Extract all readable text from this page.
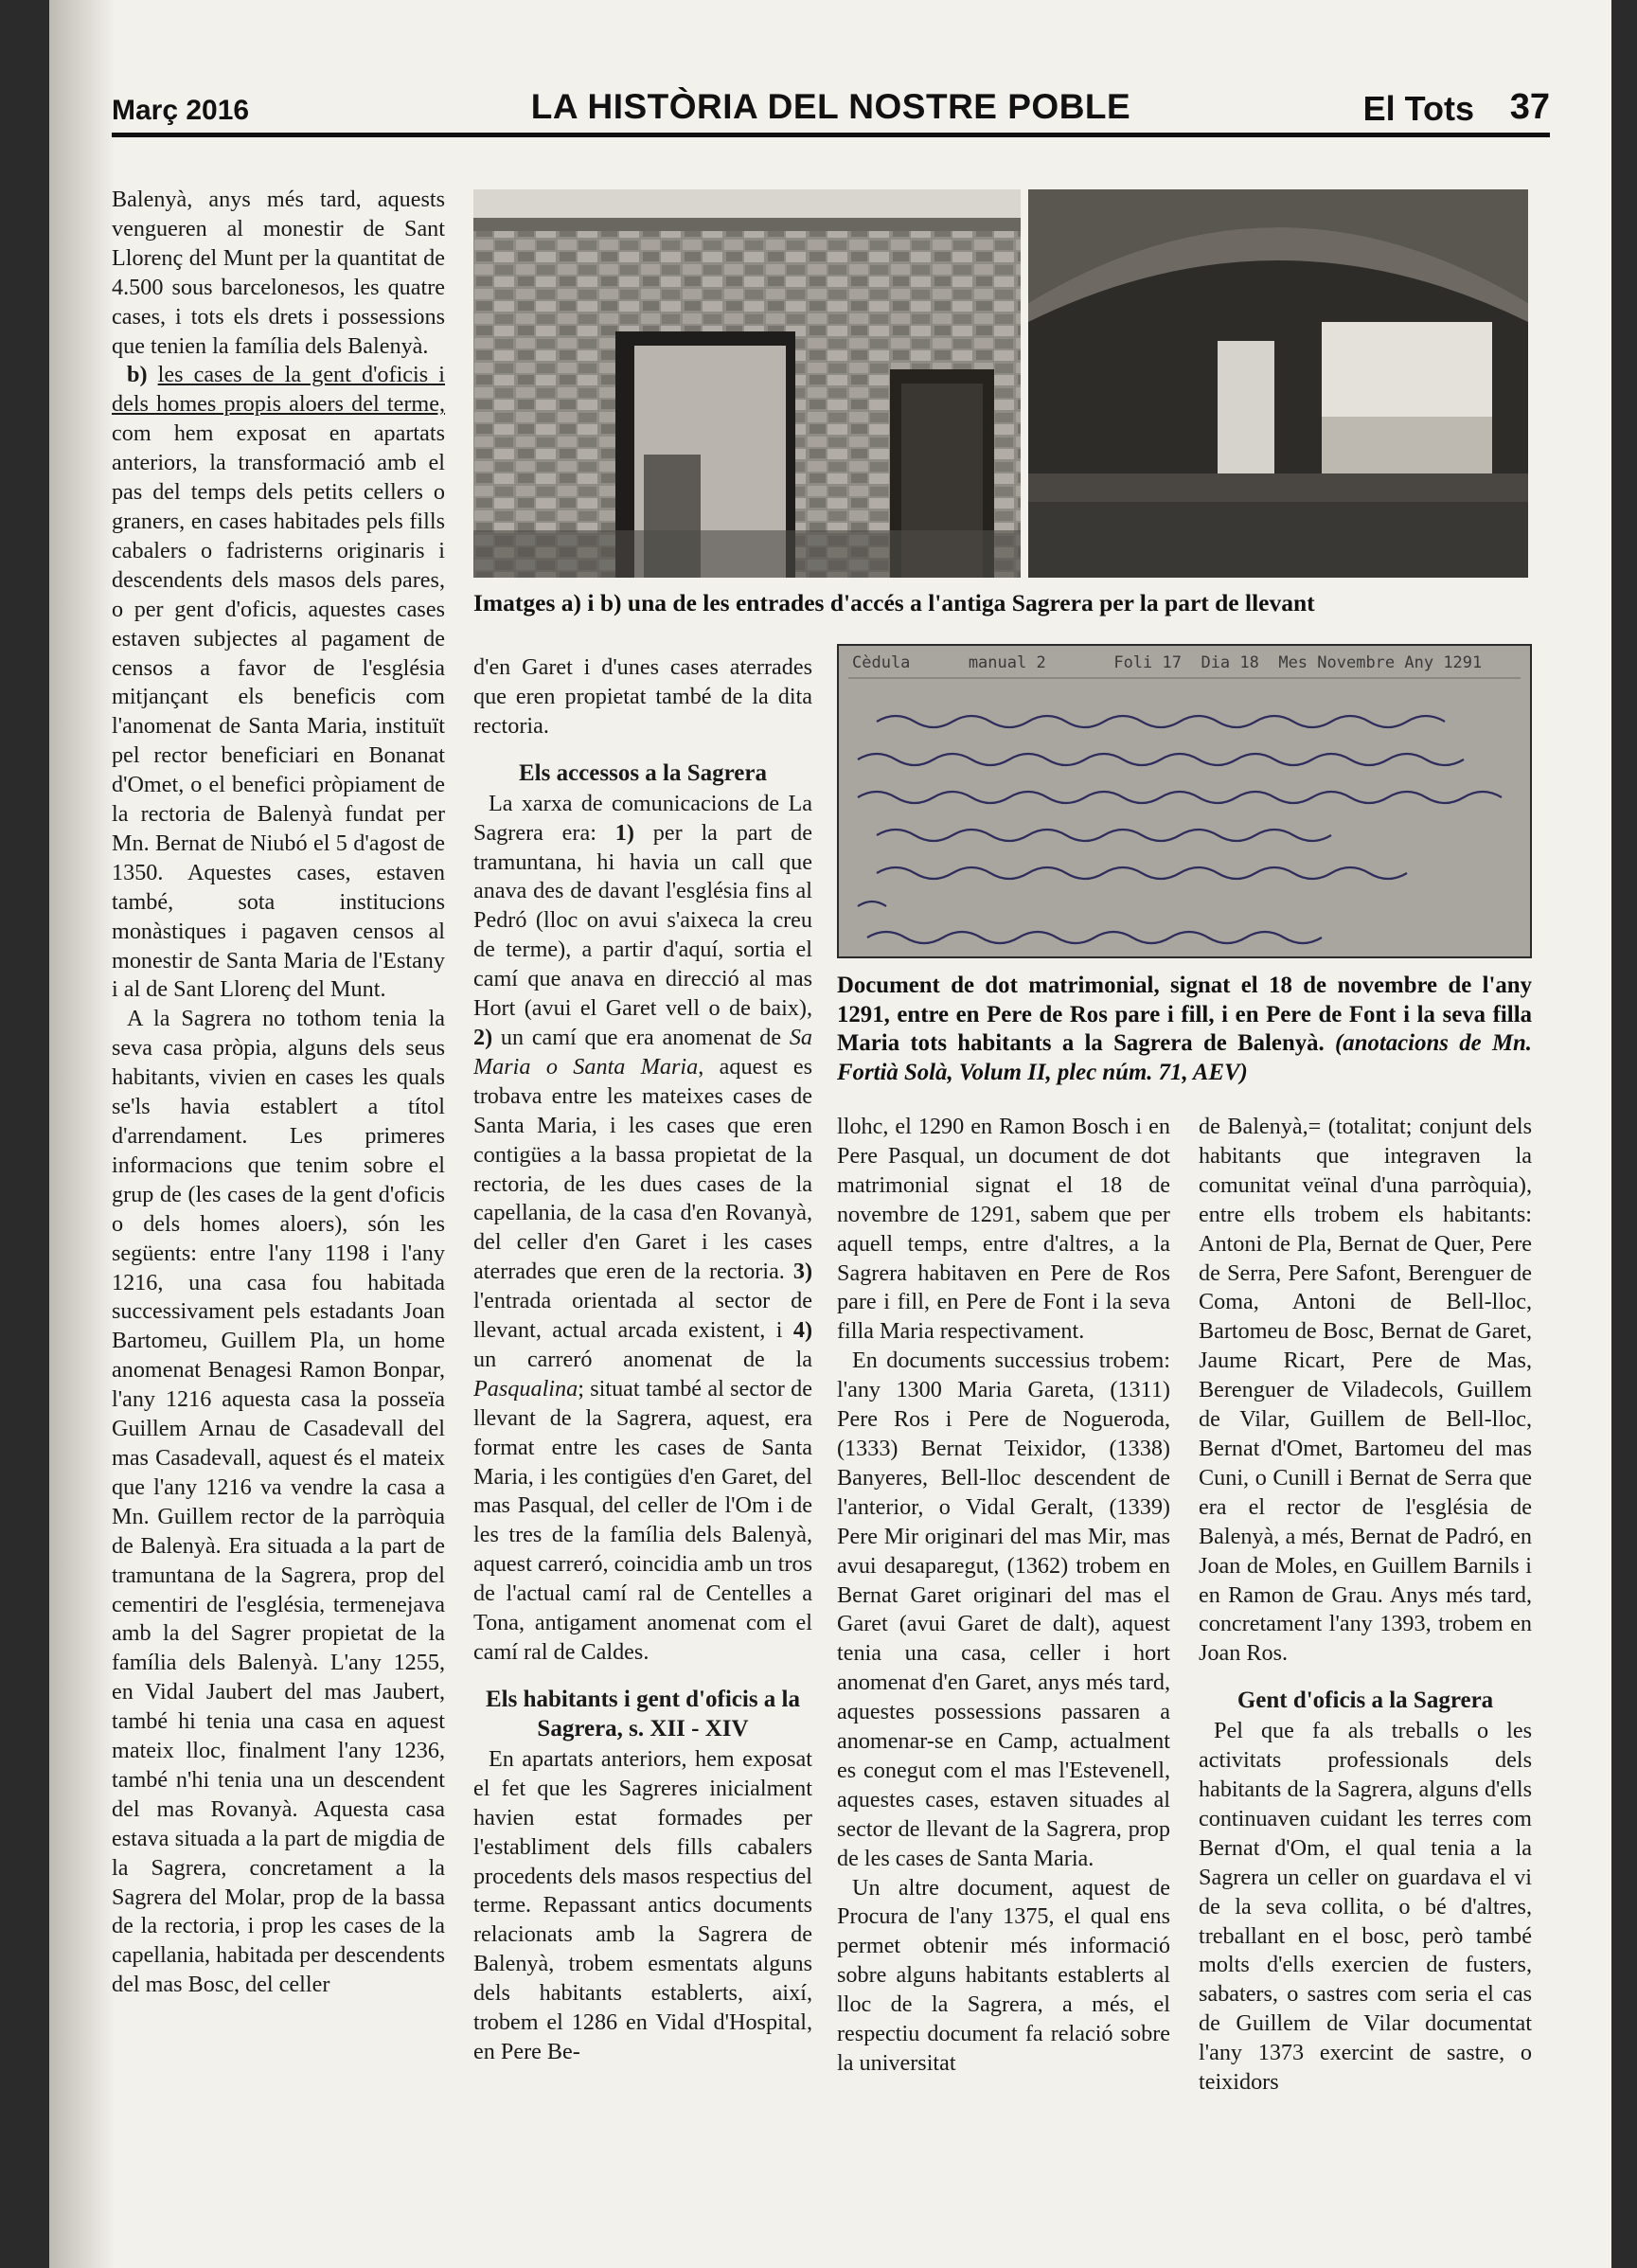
Març 2016	LA HISTÒRIA DEL NOSTRE POBLE	El Tots 37

Balenyà, anys més tard, aquests vengueren al monestir de Sant Llorenç del Munt per la quantitat de 4.500 sous barcelonesos, les quatre cases, i tots els drets i possessions que tenien la família dels Balenyà.

b) les cases de la gent d'oficis i dels homes propis aloers del terme, com hem exposat en apartats anteriors, la transformació amb el pas del temps dels petits cellers o graners, en cases habitades pels fills cabalers o fadristerns originaris i descendents dels masos dels pares, o per gent d'oficis, aquestes cases estaven subjectes al pagament de censos a favor de l'església mitjançant els beneficis com l'anomenat de Santa Maria, instituït pel rector beneficiari en Bonanat d'Omet, o el benefici pròpiament de la rectoria de Balenyà fundat per Mn. Bernat de Niubó el 5 d'agost de 1350. Aquestes cases, estaven també, sota institucions monàstiques i pagaven censos al monestir de Santa Maria de l'Estany i al de Sant Llorenç del Munt.

A la Sagrera no tothom tenia la seva casa pròpia, alguns dels seus habitants, vivien en cases les quals se'ls havia establert a títol d'arrendament. Les primeres informacions que tenim sobre el grup de (les cases de la gent d'oficis o dels homes aloers), són les següents: entre l'any 1198 i l'any 1216, una casa fou habitada successivament pels estadants Joan Bartomeu, Guillem Pla, un home anomenat Benagesi Ramon Bonpar, l'any 1216 aquesta casa la posseïa Guillem Arnau de Casadevall del mas Casadevall, aquest és el mateix que l'any 1216 va vendre la casa a Mn. Guillem rector de la parròquia de Balenyà. Era situada a la part de tramuntana de la Sagrera, prop del cementiri de l'església, termenejava amb la del Sagrer propietat de la família dels Balenyà. L'any 1255, en Vidal Jaubert del mas Jaubert, també hi tenia una casa en aquest mateix lloc, finalment l'any 1236, també n'hi tenia una un descendent del mas Rovanyà. Aquesta casa estava situada a la part de migdia de la Sagrera, concretament a la Sagrera del Molar, prop de la bassa de la rectoria, i prop les cases de la capellania, habitada per descendents del mas Bosc, del celler

Imatges a) i b) una de les entrades d'accés a l'antiga Sagrera per la part de llevant

d'en Garet i d'unes cases aterrades que eren propietat també de la dita rectoria.

Els accessos a la Sagrera

La xarxa de comunicacions de La Sagrera era: 1) per la part de tramuntana, hi havia un call que anava des de davant l'església fins al Pedró (lloc on avui s'aixeca la creu de terme), a partir d'aquí, sortia el camí que anava en direcció al mas Hort (avui el Garet vell o de baix), 2) un camí que era anomenat de Sa Maria o Santa Maria, aquest es trobava entre les mateixes cases de Santa Maria, i les cases que eren contigües a la bassa propietat de la rectoria, de les dues cases de la capellania, de la casa d'en Rovanyà, del celler d'en Garet i les cases aterrades que eren de la rectoria. 3) l'entrada orientada al sector de llevant, actual arcada existent, i 4) un carreró anomenat de la Pasqualina; situat també al sector de llevant de la Sagrera, aquest, era format entre les cases de Santa Maria, i les contigües d'en Garet, del mas Pasqual, del celler de l'Om i de les tres de la família dels Balenyà, aquest carreró, coincidia amb un tros de l'actual camí ral de Centelles a Tona, antigament anomenat com el camí ral de Caldes.

Els habitants i gent d'oficis a la Sagrera, s. XII - XIV

En apartats anteriors, hem exposat el fet que les Sagreres inicialment havien estat formades per l'establiment dels fills cabalers procedents dels masos respectius del terme. Repassant antics documents relacionats amb la Sagrera de Balenyà, trobem esmentats alguns dels habitants establerts, així, trobem el 1286 en Vidal d'Hospital, en Pere Be-

Cèdula      manual 2       Foli 17  Dia 18  Mes Novembre Any 1291
Document de dot matrimonial, signat el 18 de novembre de l'any 1291, entre en Pere de Ros pare i fill, i en Pere de Font i la seva filla Maria tots habitants a la Sagrera de Balenyà. (anotacions de Mn. Fortià Solà, Volum II, plec núm. 71, AEV)

llohc, el 1290 en Ramon Bosch i en Pere Pasqual, un document de dot matrimonial signat el 18 de novembre de 1291, sabem que per aquell temps, entre d'altres, a la Sagrera habitaven en Pere de Ros pare i fill, en Pere de Font i la seva filla Maria respectivament.

En documents successius trobem: l'any 1300 Maria Gareta, (1311) Pere Ros i Pere de Nogueroda, (1333) Bernat Teixidor, (1338) Banyeres, Bell-lloc descendent de l'anterior, o Vidal Geralt, (1339) Pere Mir originari del mas Mir, mas avui desaparegut, (1362) trobem en Bernat Garet originari del mas el Garet (avui Garet de dalt), aquest tenia una casa, celler i hort anomenat d'en Garet, anys més tard, aquestes possessions passaren a anomenar-se en Camp, actualment es conegut com el mas l'Estevenell, aquestes cases, estaven situades al sector de llevant de la Sagrera, prop de les cases de Santa Maria.

Un altre document, aquest de Procura de l'any 1375, el qual ens permet obtenir més informació sobre alguns habitants establerts al lloc de la Sagrera, a més, el respectiu document fa relació sobre la universitat

de Balenyà,= (totalitat; conjunt dels habitants que integraven la comunitat veïnal d'una parròquia), entre ells trobem els habitants: Antoni de Pla, Bernat de Quer, Pere de Serra, Pere Safont, Berenguer de Coma, Antoni de Bell-lloc, Bartomeu de Bosc, Bernat de Garet, Jaume Ricart, Pere de Mas, Berenguer de Viladecols, Guillem de Vilar, Guillem de Bell-lloc, Bernat d'Omet, Bartomeu del mas Cuni, o Cunill i Bernat de Serra que era el rector de l'església de Balenyà, a més, Bernat de Padró, en Joan de Moles, en Guillem Barnils i en Ramon de Grau. Anys més tard, concretament l'any 1393, trobem en Joan Ros.

Gent d'oficis a la Sagrera

Pel que fa als treballs o les activitats professionals dels habitants de la Sagrera, alguns d'ells continuaven cuidant les terres com Bernat d'Om, el qual tenia a la Sagrera un celler on guardava el vi de la seva collita, o bé d'altres, treballant en el bosc, però també molts d'ells exercien de fusters, sabaters, o sastres com seria el cas de Guillem de Vilar documentat l'any 1373 exercint de sastre, o teixidors
